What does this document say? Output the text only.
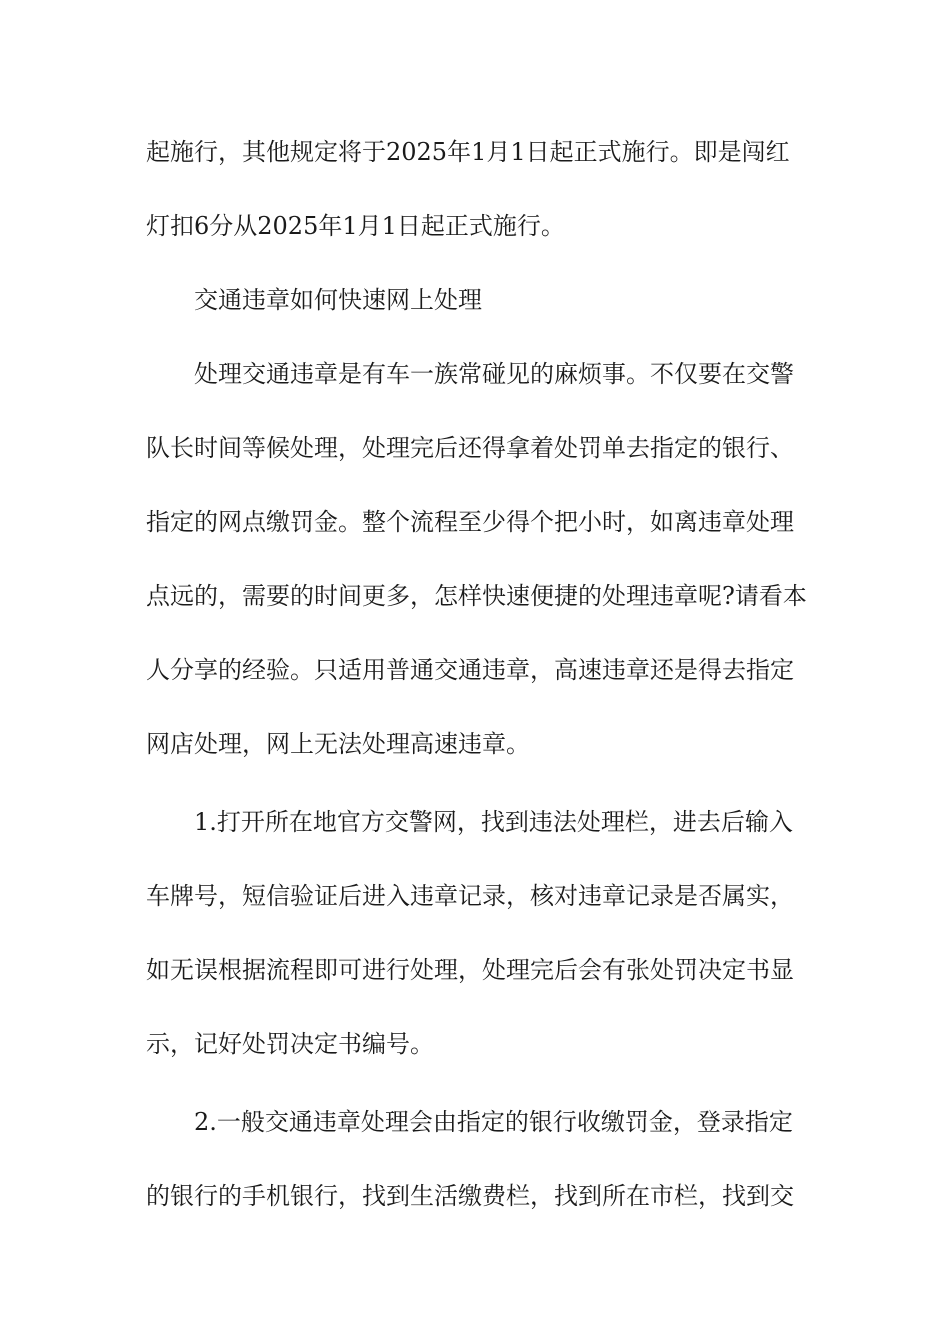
起施行，其他规定将于2025年1月1日起正式施行。即是闯红

灯扣6分从2025年1月1日起正式施行。

交通违章如何快速网上处理

处理交通违章是有车一族常碰见的麻烦事。不仅要在交警

队长时间等候处理，处理完后还得拿着处罚单去指定的银行、

指定的网点缴罚金。整个流程至少得个把小时，如离违章处理

点远的，需要的时间更多，怎样快速便捷的处理违章呢?请看本

人分享的经验。只适用普通交通违章，高速违章还是得去指定

网店处理，网上无法处理高速违章。

1.打开所在地官方交警网，找到违法处理栏，进去后输入

车牌号，短信验证后进入违章记录，核对违章记录是否属实，

如无误根据流程即可进行处理，处理完后会有张处罚决定书显

示，记好处罚决定书编号。

2.一般交通违章处理会由指定的银行收缴罚金，登录指定

的银行的手机银行，找到生活缴费栏，找到所在市栏，找到交
